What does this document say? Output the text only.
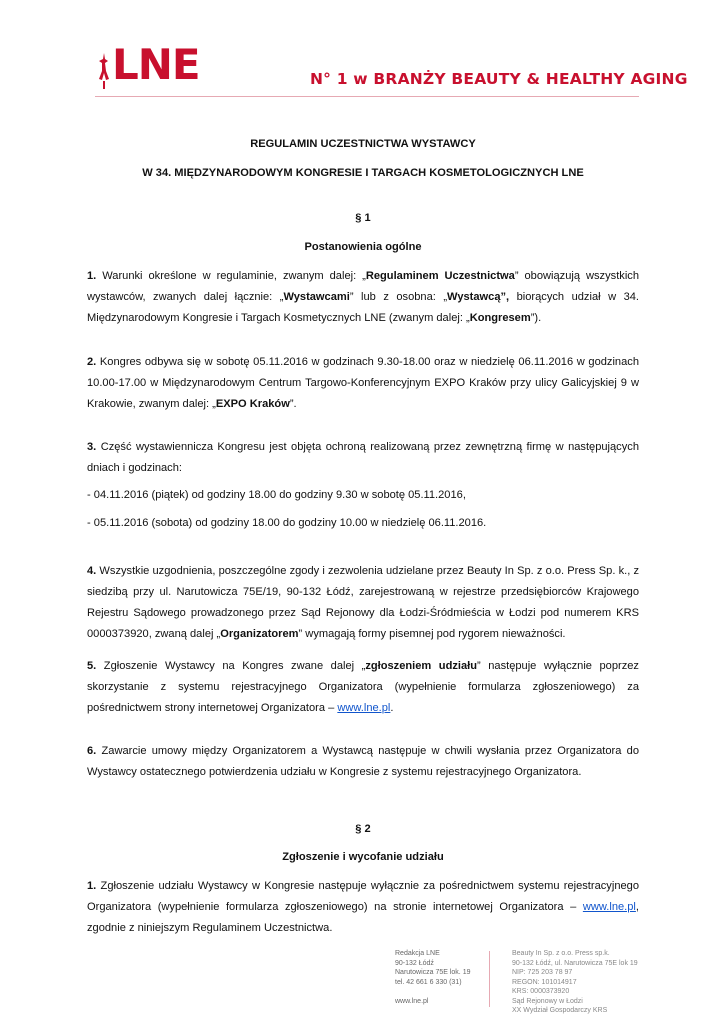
LNE	N° 1 w BRANŻY BEAUTY & HEALTHY AGING

REGULAMIN UCZESTNICTWA WYSTAWCY

W 34. MIĘDZYNARODOWYM KONGRESIE I TARGACH KOSMETOLOGICZNYCH LNE

§ 1

Postanowienia ogólne

1. Warunki określone w regulaminie, zwanym dalej: „Regulaminem Uczestnictwa” obowiązują wszystkich wystawców, zwanych dalej łącznie: „Wystawcami” lub z osobna: „Wystawcą”, biorących udział w 34. Międzynarodowym Kongresie i Targach Kosmetycznych LNE (zwanym dalej: „Kongresem”).

2. Kongres odbywa się w sobotę 05.11.2016 w godzinach 9.30-18.00 oraz w niedzielę 06.11.2016 w godzinach 10.00-17.00 w Międzynarodowym Centrum Targowo-Konferencyjnym EXPO Kraków przy ulicy Galicyjskiej 9 w Krakowie, zwanym dalej: „EXPO Kraków”.

3. Część wystawiennicza Kongresu jest objęta ochroną realizowaną przez zewnętrzną firmę w następujących dniach i godzinach:

- 04.11.2016 (piątek) od godziny 18.00 do godziny 9.30 w sobotę 05.11.2016,

- 05.11.2016 (sobota) od godziny 18.00 do godziny 10.00 w niedzielę 06.11.2016.

4. Wszystkie uzgodnienia, poszczególne zgody i zezwolenia udzielane przez Beauty In Sp. z o.o. Press Sp. k., z siedzibą przy ul. Narutowicza 75E/19, 90-132 Łódź, zarejestrowaną w rejestrze przedsiębiorców Krajowego Rejestru Sądowego prowadzonego przez Sąd Rejonowy dla Łodzi-Śródmieścia w Łodzi pod numerem KRS 0000373920, zwaną dalej „Organizatorem” wymagają formy pisemnej pod rygorem nieważności.

5. Zgłoszenie Wystawcy na Kongres zwane dalej „zgłoszeniem udziału” następuje wyłącznie poprzez skorzystanie z systemu rejestracyjnego Organizatora (wypełnienie formularza zgłoszeniowego) za pośrednictwem strony internetowej Organizatora – www.lne.pl.

6. Zawarcie umowy między Organizatorem a Wystawcą następuje w chwili wysłania przez Organizatora do Wystawcy ostatecznego potwierdzenia udziału w Kongresie z systemu rejestracyjnego Organizatora.

§ 2

Zgłoszenie i wycofanie udziału

1. Zgłoszenie udziału Wystawcy w Kongresie następuje wyłącznie za pośrednictwem systemu rejestracyjnego Organizatora (wypełnienie formularza zgłoszeniowego) na stronie internetowej Organizatora – www.lne.pl, zgodnie z niniejszym Regulaminem Uczestnictwa.

Redakcja LNE
90-132 Łódź
Narutowicza 75E lok. 19
tel. 42 661 6 330 (31)
www.lne.pl
Beauty In Sp. z o.o. Press sp.k.
90-132 Łódź, ul. Narutowicza 75E lok 19
NIP: 725 203 78 97
REGON: 101014917
KRS: 0000373920
Sąd Rejonowy w Łodzi
XX Wydział Gospodarczy KRS
